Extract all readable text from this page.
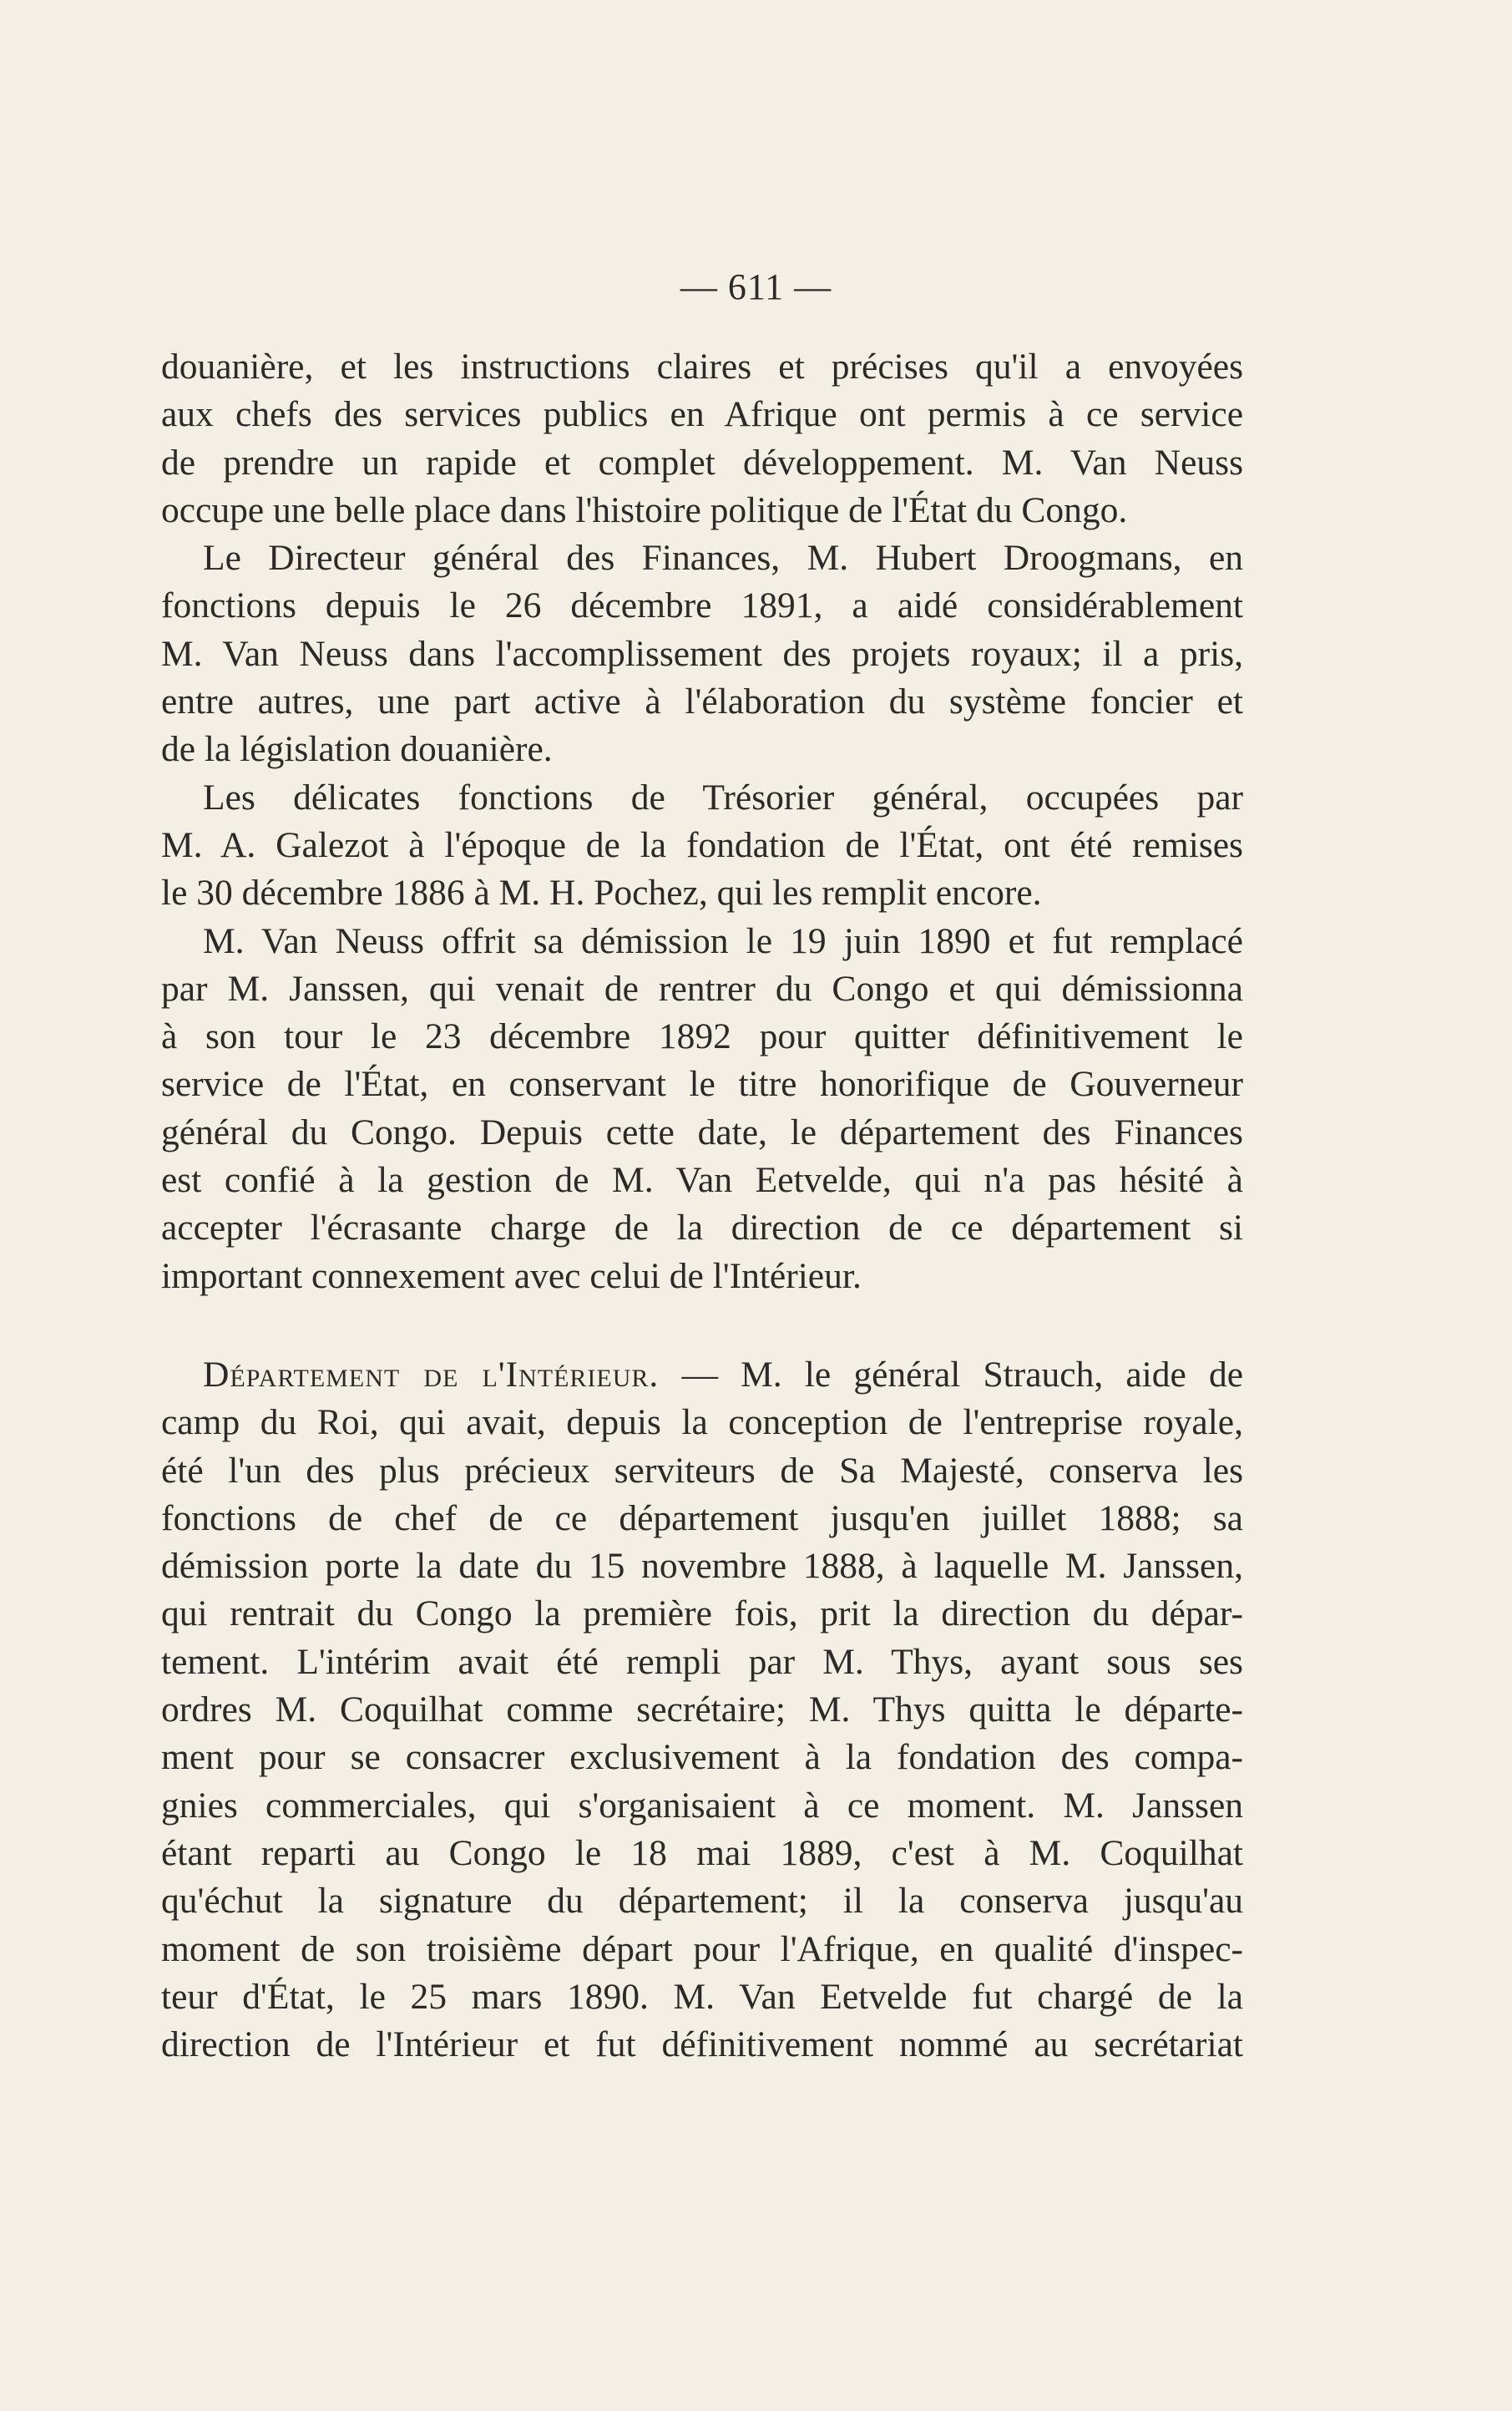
— 611 —
douanière, et les instructions claires et précises qu'il a envoyées
aux chefs des services publics en Afrique ont permis à ce service
de prendre un rapide et complet développement. M. Van Neuss
occupe une belle place dans l'histoire politique de l'État du Congo.
Le Directeur général des Finances, M. Hubert Droogmans, en
fonctions depuis le 26 décembre 1891, a aidé considérablement
M. Van Neuss dans l'accomplissement des projets royaux; il a pris,
entre autres, une part active à l'élaboration du système foncier et
de la législation douanière.
Les délicates fonctions de Trésorier général, occupées par
M. A. Galezot à l'époque de la fondation de l'État, ont été remises
le 30 décembre 1886 à M. H. Pochez, qui les remplit encore.
M. Van Neuss offrit sa démission le 19 juin 1890 et fut remplacé
par M. Janssen, qui venait de rentrer du Congo et qui démissionna
à son tour le 23 décembre 1892 pour quitter définitivement le
service de l'État, en conservant le titre honorifique de Gouverneur
général du Congo. Depuis cette date, le département des Finances
est confié à la gestion de M. Van Eetvelde, qui n'a pas hésité à
accepter l'écrasante charge de la direction de ce département si
important connexement avec celui de l'Intérieur.
Département de l'Intérieur. — M. le général Strauch, aide de
camp du Roi, qui avait, depuis la conception de l'entreprise royale,
été l'un des plus précieux serviteurs de Sa Majesté, conserva les
fonctions de chef de ce département jusqu'en juillet 1888; sa
démission porte la date du 15 novembre 1888, à laquelle M. Janssen,
qui rentrait du Congo la première fois, prit la direction du dépar-
tement. L'intérim avait été rempli par M. Thys, ayant sous ses
ordres M. Coquilhat comme secrétaire; M. Thys quitta le départe-
ment pour se consacrer exclusivement à la fondation des compa-
gnies commerciales, qui s'organisaient à ce moment. M. Janssen
étant reparti au Congo le 18 mai 1889, c'est à M. Coquilhat
qu'échut la signature du département; il la conserva jusqu'au
moment de son troisième départ pour l'Afrique, en qualité d'inspec-
teur d'État, le 25 mars 1890. M. Van Eetvelde fut chargé de la
direction de l'Intérieur et fut définitivement nommé au secrétariat
